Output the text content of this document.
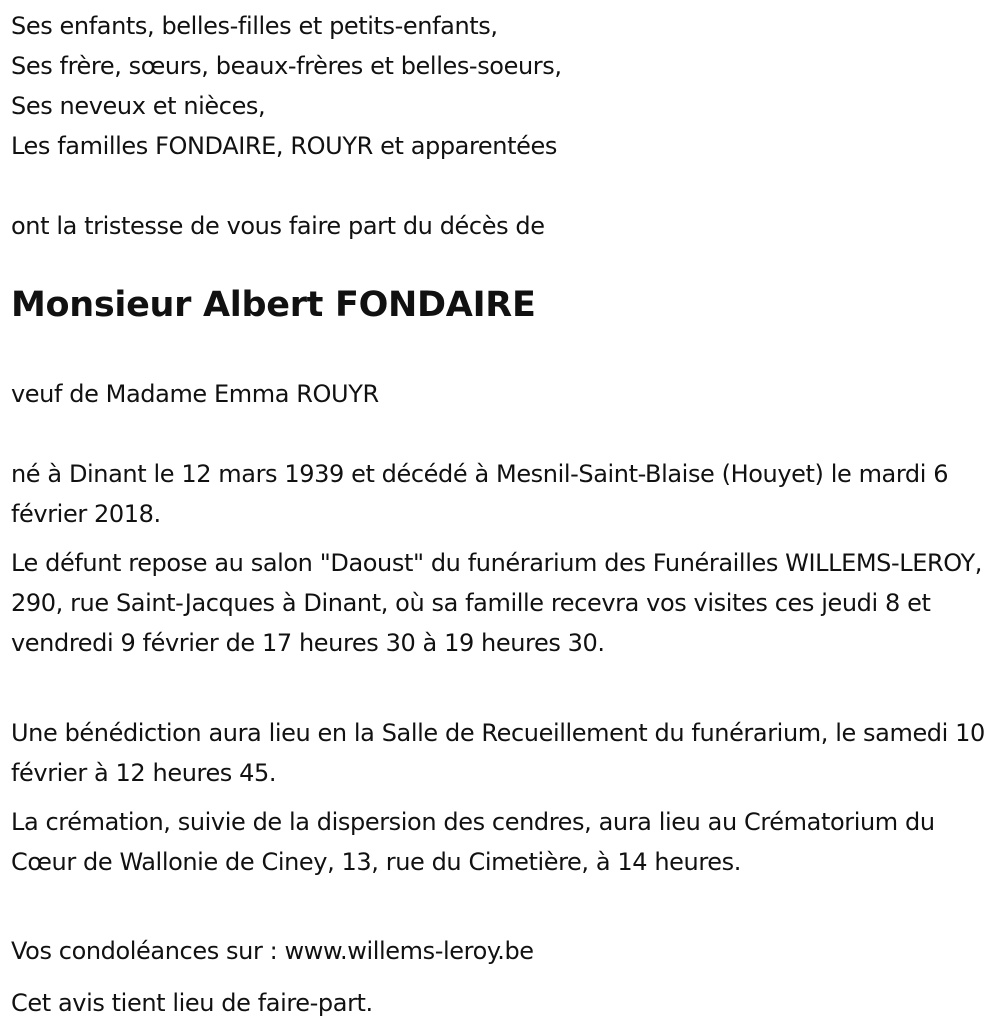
Ses enfants, belles-filles et petits-enfants,
Ses frère, sœurs, beaux-frères et belles-soeurs,
Ses neveux et nièces,
Les familles FONDAIRE, ROUYR et apparentées
ont la tristesse de vous faire part du décès de
Monsieur Albert FONDAIRE
veuf de Madame Emma ROUYR
né à Dinant le 12 mars 1939 et décédé à Mesnil-Saint-Blaise (Houyet) le mardi 6 février 2018.
Le défunt repose au salon "Daoust" du funérarium des Funérailles WILLEMS-LEROY, 290, rue Saint-Jacques à Dinant, où sa famille recevra vos visites ces jeudi 8 et vendredi 9 février de 17 heures 30 à 19 heures 30.
Une bénédiction aura lieu en la Salle de Recueillement du funérarium, le samedi 10 février à 12 heures 45.
La crémation, suivie de la dispersion des cendres, aura lieu au Crématorium du Cœur de Wallonie de Ciney, 13, rue du Cimetière, à 14 heures.
Vos condoléances sur : www.willems-leroy.be
Cet avis tient lieu de faire-part.
